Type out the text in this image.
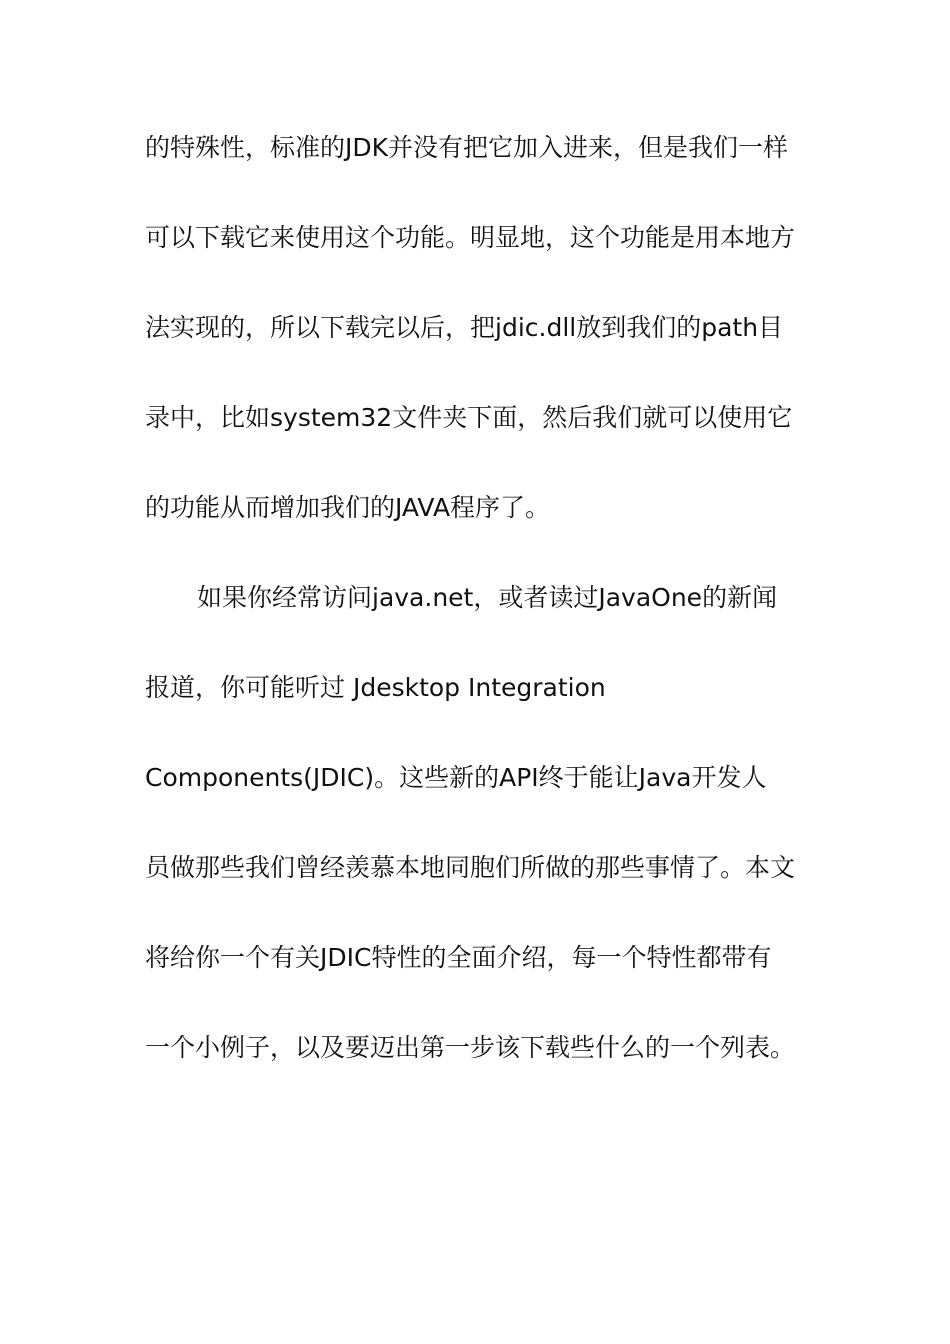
的特殊性，标准的JDK并没有把它加入进来，但是我们一样
可以下载它来使用这个功能。明显地，这个功能是用本地方
法实现的，所以下载完以后，把jdic.dll放到我们的path目
录中，比如system32文件夹下面，然后我们就可以使用它
的功能从而增加我们的JAVA程序了。
如果你经常访问java.net，或者读过JavaOne的新闻
报道，你可能听过 Jdesktop Integration
Components(JDIC)。这些新的API终于能让Java开发人
员做那些我们曾经羡慕本地同胞们所做的那些事情了。本文
将给你一个有关JDIC特性的全面介绍，每一个特性都带有
一个小例子，以及要迈出第一步该下载些什么的一个列表。
